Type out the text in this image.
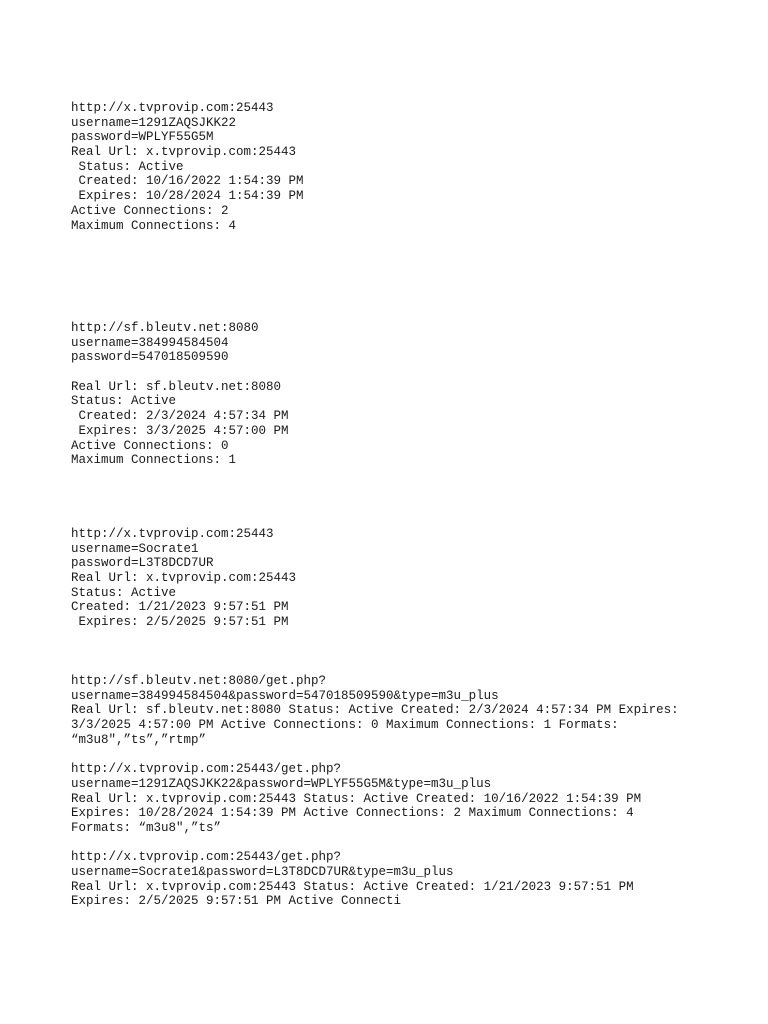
http://x.tvprovip.com:25443
username=1291ZAQSJKK22
password=WPLYF55G5M
Real Url: x.tvprovip.com:25443
Status: Active
Created: 10/16/2022 1:54:39 PM
Expires: 10/28/2024 1:54:39 PM
Active Connections: 2
Maximum Connections: 4
http://sf.bleutv.net:8080
username=384994584504
password=547018509590
Real Url: sf.bleutv.net:8080
Status: Active
Created: 2/3/2024 4:57:34 PM
Expires: 3/3/2025 4:57:00 PM
Active Connections: 0
Maximum Connections: 1
http://x.tvprovip.com:25443
username=Socrate1
password=L3T8DCD7UR
Real Url: x.tvprovip.com:25443
Status: Active
Created: 1/21/2023 9:57:51 PM
Expires: 2/5/2025 9:57:51 PM
http://sf.bleutv.net:8080/get.php?
username=384994584504&password=547018509590&type=m3u_plus
Real Url: sf.bleutv.net:8080 Status: Active Created: 2/3/2024 4:57:34 PM Expires:
3/3/2025 4:57:00 PM Active Connections: 0 Maximum Connections: 1 Formats:
“m3u8",”ts”,”rtmp”
http://x.tvprovip.com:25443/get.php?
username=1291ZAQSJKK22&password=WPLYF55G5M&type=m3u_plus
Real Url: x.tvprovip.com:25443 Status: Active Created: 10/16/2022 1:54:39 PM
Expires: 10/28/2024 1:54:39 PM Active Connections: 2 Maximum Connections: 4
Formats: “m3u8",”ts”
http://x.tvprovip.com:25443/get.php?
username=Socrate1&password=L3T8DCD7UR&type=m3u_plus
Real Url: x.tvprovip.com:25443 Status: Active Created: 1/21/2023 9:57:51 PM
Expires: 2/5/2025 9:57:51 PM Active Connecti
